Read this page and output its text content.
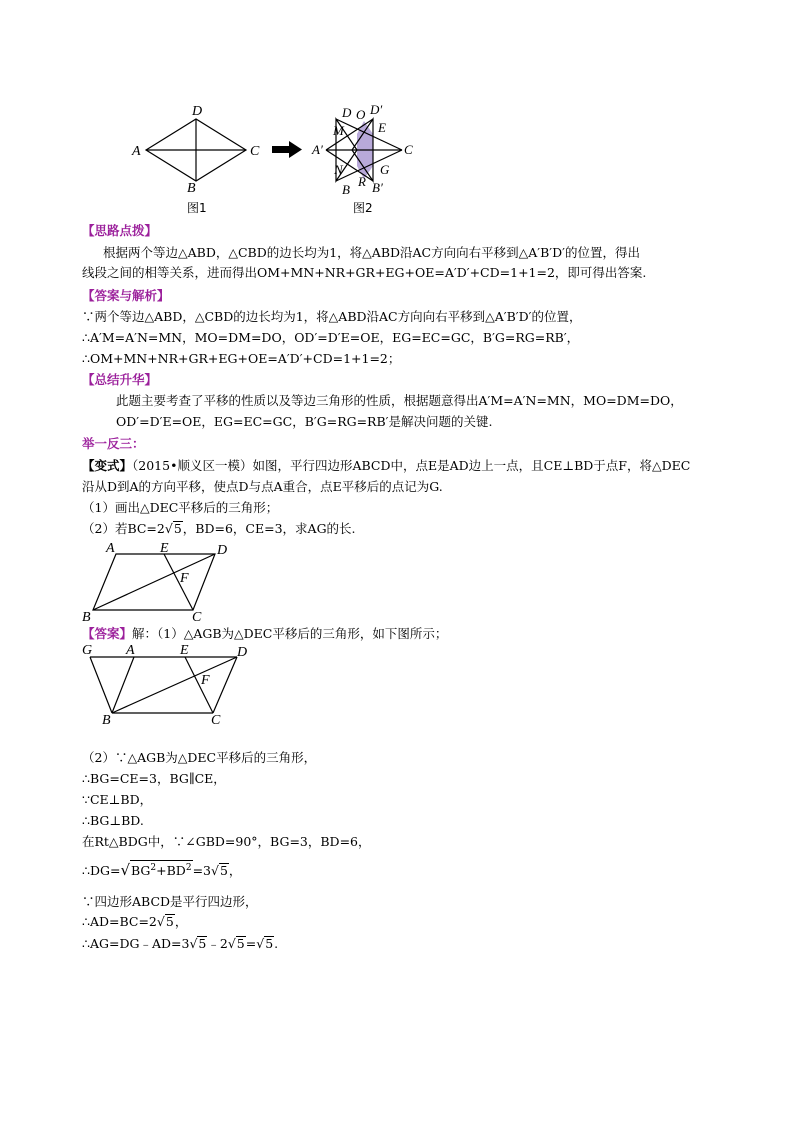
D
A	C
B
图1
D O D′
M	E
A′	C
N	G
R
B B′
图2
【思路点拨】
根据两个等边△ABD，△CBD的边长均为1，将△ABD沿AC方向向右平移到△A′B′D′的位置，得出
线段之间的相等关系，进而得出OM+MN+NR+GR+EG+OE=A′D′+CD=1+1=2，即可得出答案.
【答案与解析】
∵两个等边△ABD，△CBD的边长均为1，将△ABD沿AC方向向右平移到△A′B′D′的位置，
∴A′M=A′N=MN，MO=DM=DO，OD′=D′E=OE，EG=EC=GC，B′G=RG=RB′，
∴OM+MN+NR+GR+EG+OE=A′D′+CD=1+1=2；
【总结升华】
此题主要考查了平移的性质以及等边三角形的性质，根据题意得出A′M=A′N=MN，MO=DM=DO，
OD′=D′E=OE，EG=EC=GC，B′G=RG=RB′是解决问题的关键.
举一反三：
【变式】（2015•顺义区一模）如图，平行四边形ABCD中，点E是AD边上一点，且CE⊥BD于点F，将△DEC
沿从D到A的方向平移，使点D与点A重合，点E平移后的点记为G.
（1）画出△DEC平移后的三角形；
（2）若BC=2√5，BD=6，CE=3，求AG的长.
A	E	D
F
B	C
【答案】解：（1）△AGB为△DEC平移后的三角形，如下图所示；
G A	E	D
F
B	C
（2）∵△AGB为△DEC平移后的三角形，
∴BG=CE=3，BG∥CE，
∵CE⊥BD，
∴BG⊥BD.
在Rt△BDG中，∵∠GBD=90°，BG=3，BD=6，
$\therefore DG=√BG^2+BD^2=3√5$，
∵四边形ABCD是平行四边形，
∴AD=BC=2√5，
∴AG=DG﹣AD=3√5﹣2√5=√5.
